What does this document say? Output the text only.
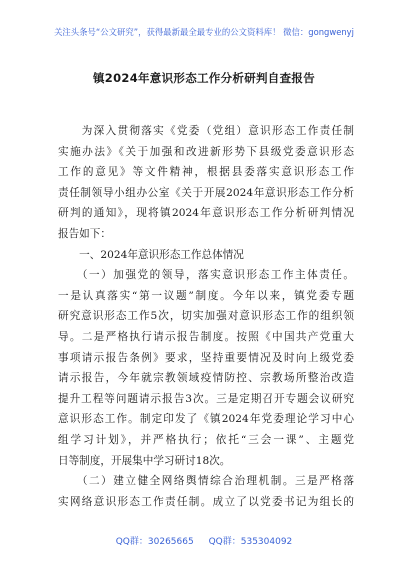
关注头条号“公文研究”，获得最新最全最专业的公文资料库！ 微信：gongwenyj
镇2024年意识形态工作分析研判自查报告
　　为深入贯彻落实《党委（党组）意识形态工作责任制
实施办法》《关于加强和改进新形势下县级党委意识形态
工作的意见》等文件精神，根据县委落实意识形态工作
责任制领导小组办公室《关于开展2024年意识形态工作分析
研判的通知》，现将镇2024年意识形态工作分析研判情况
报告如下：
　　一、2024年意识形态工作总体情况
　　（一）加强党的领导，落实意识形态工作主体责任。
一是认真落实“第一议题”制度。今年以来，镇党委专题
研究意识形态工作5次，切实加强对意识形态工作的组织领
导。二是严格执行请示报告制度。按照《中国共产党重大
事项请示报告条例》要求，坚持重要情况及时向上级党委
请示报告，今年就宗教领域疫情防控、宗教场所整治改造
提升工程等问题请示报告3次。三是定期召开专题会议研究
意识形态工作。制定印发了《镇2024年党委理论学习中心
组学习计划》，并严格执行；依托“三会一课”、主题党
日等制度，开展集中学习研讨18次。
　　（二）建立健全网络舆情综合治理机制。三是严格落
实网络意识形态工作责任制。成立了以党委书记为组长的
QQ群：30265665 QQ群：535304092
